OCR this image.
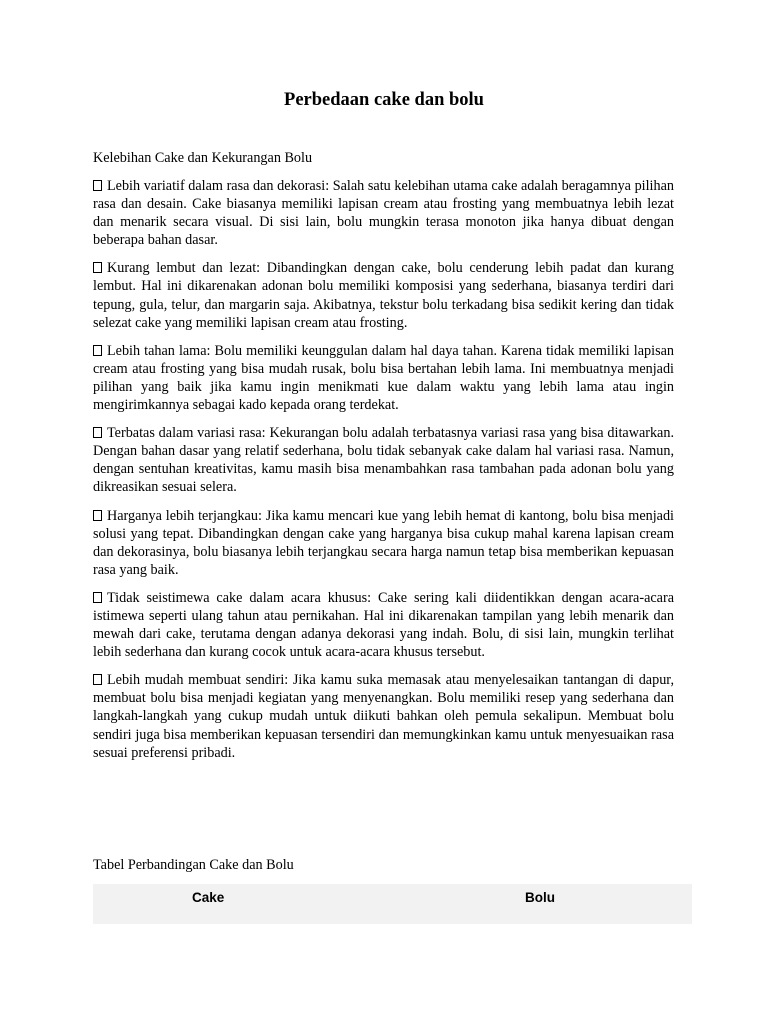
Perbedaan cake dan bolu
Kelebihan Cake dan Kekurangan Bolu

Lebih variatif dalam rasa dan dekorasi: Salah satu kelebihan utama cake adalah beragamnya pilihan rasa dan desain. Cake biasanya memiliki lapisan cream atau frosting yang membuatnya lebih lezat dan menarik secara visual. Di sisi lain, bolu mungkin terasa monoton jika hanya dibuat dengan beberapa bahan dasar.

Kurang lembut dan lezat: Dibandingkan dengan cake, bolu cenderung lebih padat dan kurang lembut. Hal ini dikarenakan adonan bolu memiliki komposisi yang sederhana, biasanya terdiri dari tepung, gula, telur, dan margarin saja. Akibatnya, tekstur bolu terkadang bisa sedikit kering dan tidak selezat cake yang memiliki lapisan cream atau frosting.

Lebih tahan lama: Bolu memiliki keunggulan dalam hal daya tahan. Karena tidak memiliki lapisan cream atau frosting yang bisa mudah rusak, bolu bisa bertahan lebih lama. Ini membuatnya menjadi pilihan yang baik jika kamu ingin menikmati kue dalam waktu yang lebih lama atau ingin mengirimkannya sebagai kado kepada orang terdekat.

Terbatas dalam variasi rasa: Kekurangan bolu adalah terbatasnya variasi rasa yang bisa ditawarkan. Dengan bahan dasar yang relatif sederhana, bolu tidak sebanyak cake dalam hal variasi rasa. Namun, dengan sentuhan kreativitas, kamu masih bisa menambahkan rasa tambahan pada adonan bolu yang dikreasikan sesuai selera.

Harganya lebih terjangkau: Jika kamu mencari kue yang lebih hemat di kantong, bolu bisa menjadi solusi yang tepat. Dibandingkan dengan cake yang harganya bisa cukup mahal karena lapisan cream dan dekorasinya, bolu biasanya lebih terjangkau secara harga namun tetap bisa memberikan kepuasan rasa yang baik.

Tidak seistimewa cake dalam acara khusus: Cake sering kali diidentikkan dengan acara-acara istimewa seperti ulang tahun atau pernikahan. Hal ini dikarenakan tampilan yang lebih menarik dan mewah dari cake, terutama dengan adanya dekorasi yang indah. Bolu, di sisi lain, mungkin terlihat lebih sederhana dan kurang cocok untuk acara-acara khusus tersebut.

Lebih mudah membuat sendiri: Jika kamu suka memasak atau menyelesaikan tantangan di dapur, membuat bolu bisa menjadi kegiatan yang menyenangkan. Bolu memiliki resep yang sederhana dan langkah-langkah yang cukup mudah untuk diikuti bahkan oleh pemula sekalipun. Membuat bolu sendiri juga bisa memberikan kepuasan tersendiri dan memungkinkan kamu untuk menyesuaikan rasa sesuai preferensi pribadi.

Tabel Perbandingan Cake dan Bolu
Cake	Bolu
